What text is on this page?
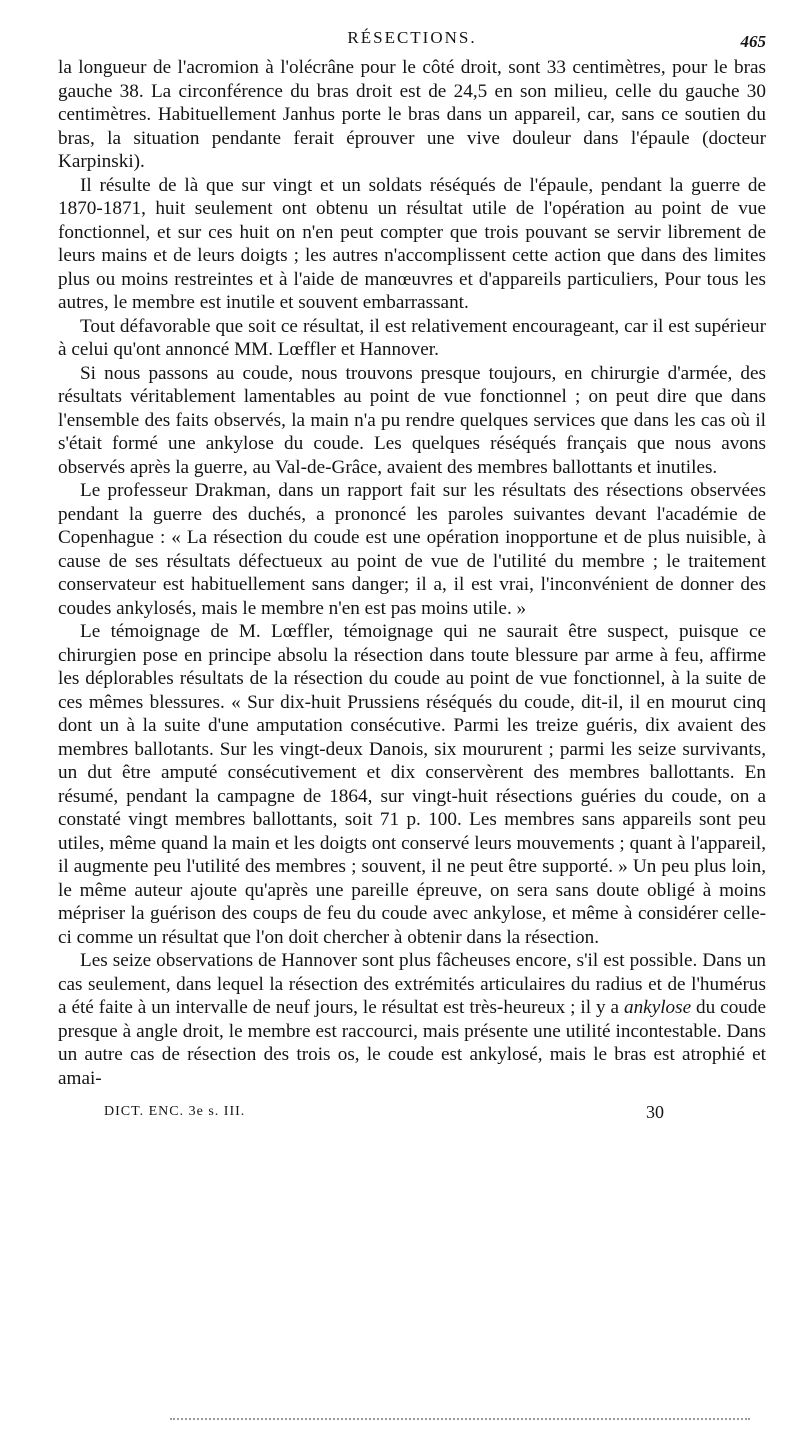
RÉSECTIONS.	465

la longueur de l'acromion à l'olécrâne pour le côté droit, sont 33 centimètres, pour le bras gauche 38. La circonférence du bras droit est de 24,5 en son milieu, celle du gauche 30 centimètres. Habituellement Janhus porte le bras dans un appareil, car, sans ce soutien du bras, la situation pendante ferait éprouver une vive douleur dans l'épaule (docteur Karpinski).

Il résulte de là que sur vingt et un soldats réséqués de l'épaule, pendant la guerre de 1870-1871, huit seulement ont obtenu un résultat utile de l'opération au point de vue fonctionnel, et sur ces huit on n'en peut compter que trois pouvant se servir librement de leurs mains et de leurs doigts ; les autres n'accomplissent cette action que dans des limites plus ou moins restreintes et à l'aide de manœuvres et d'appareils particuliers, Pour tous les autres, le membre est inutile et souvent embarrassant.

Tout défavorable que soit ce résultat, il est relativement encourageant, car il est supérieur à celui qu'ont annoncé MM. Lœffler et Hannover.

Si nous passons au coude, nous trouvons presque toujours, en chirurgie d'armée, des résultats véritablement lamentables au point de vue fonctionnel ; on peut dire que dans l'ensemble des faits observés, la main n'a pu rendre quelques services que dans les cas où il s'était formé une ankylose du coude. Les quelques réséqués français que nous avons observés après la guerre, au Val-de-Grâce, avaient des membres ballottants et inutiles.

Le professeur Drakman, dans un rapport fait sur les résultats des résections observées pendant la guerre des duchés, a prononcé les paroles suivantes devant l'académie de Copenhague : « La résection du coude est une opération inopportune et de plus nuisible, à cause de ses résultats défectueux au point de vue de l'utilité du membre ; le traitement conservateur est habituellement sans danger; il a, il est vrai, l'inconvénient de donner des coudes ankylosés, mais le membre n'en est pas moins utile. »

Le témoignage de M. Lœffler, témoignage qui ne saurait être suspect, puisque ce chirurgien pose en principe absolu la résection dans toute blessure par arme à feu, affirme les déplorables résultats de la résection du coude au point de vue fonctionnel, à la suite de ces mêmes blessures. « Sur dix-huit Prussiens réséqués du coude, dit-il, il en mourut cinq dont un à la suite d'une amputation consécutive. Parmi les treize guéris, dix avaient des membres ballotants. Sur les vingt-deux Danois, six moururent ; parmi les seize survivants, un dut être amputé consécutivement et dix conservèrent des membres ballottants. En résumé, pendant la campagne de 1864, sur vingt-huit résections guéries du coude, on a constaté vingt membres ballottants, soit 71 p. 100. Les membres sans appareils sont peu utiles, même quand la main et les doigts ont conservé leurs mouvements ; quant à l'appareil, il augmente peu l'utilité des membres ; souvent, il ne peut être supporté. » Un peu plus loin, le même auteur ajoute qu'après une pareille épreuve, on sera sans doute obligé à moins mépriser la guérison des coups de feu du coude avec ankylose, et même à considérer celle-ci comme un résultat que l'on doit chercher à obtenir dans la résection.

Les seize observations de Hannover sont plus fâcheuses encore, s'il est possible. Dans un cas seulement, dans lequel la résection des extrémités articulaires du radius et de l'humérus a été faite à un intervalle de neuf jours, le résultat est très-heureux ; il y a ankylose du coude presque à angle droit, le membre est raccourci, mais présente une utilité incontestable. Dans un autre cas de résection des trois os, le coude est ankylosé, mais le bras est atrophié et amai-

DICT. ENC. 3e s. III.	30
